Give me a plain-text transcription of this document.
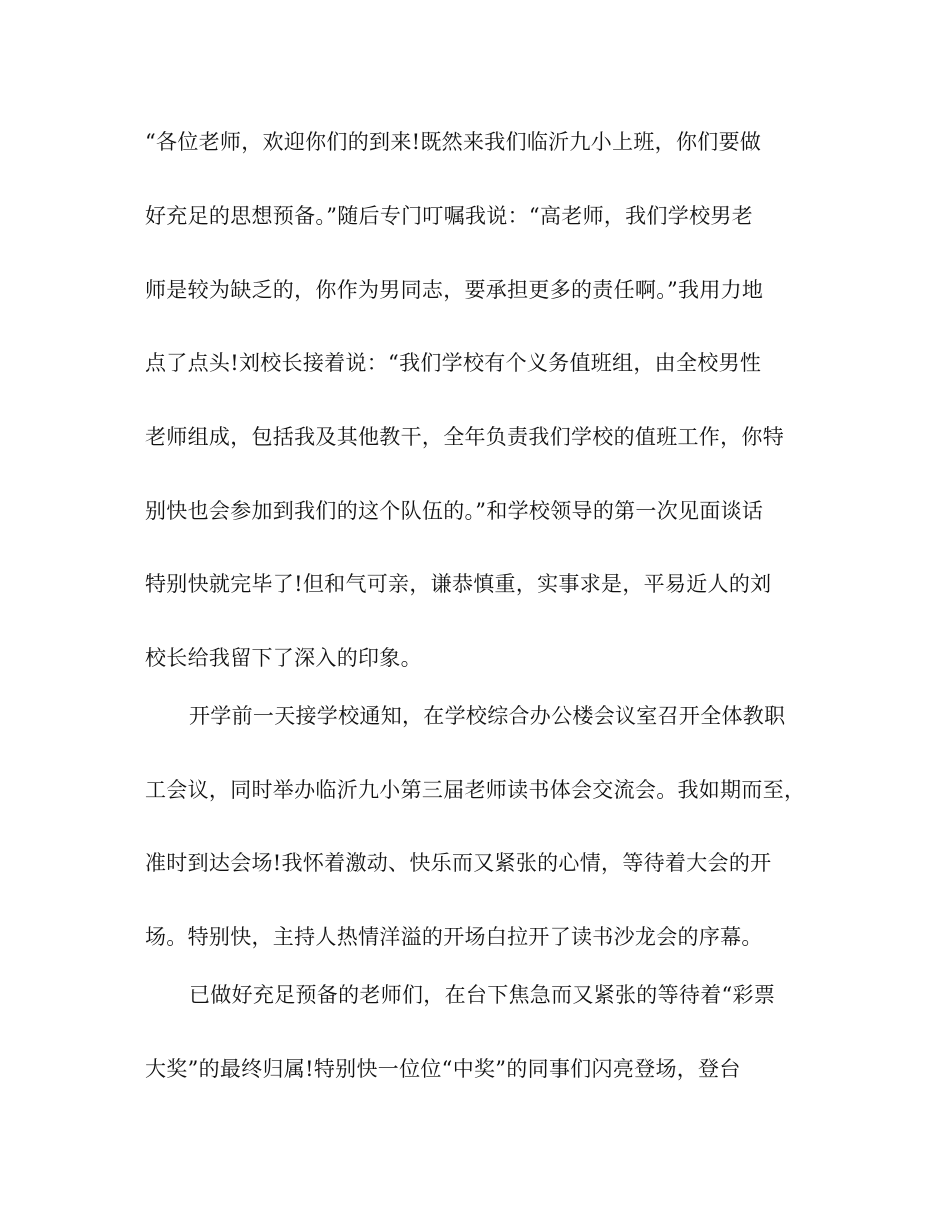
“各位老师，欢迎你们的到来!既然来我们临沂九小上班，你们要做
好充足的思想预备。”随后专门叮嘱我说：“高老师，我们学校男老
师是较为缺乏的，你作为男同志，要承担更多的责任啊。”我用力地
点了点头!刘校长接着说：“我们学校有个义务值班组，由全校男性
老师组成，包括我及其他教干，全年负责我们学校的值班工作，你特
别快也会参加到我们的这个队伍的。”和学校领导的第一次见面谈话
特别快就完毕了!但和气可亲，谦恭慎重，实事求是，平易近人的刘
校长给我留下了深入的印象。
开学前一天接学校通知，在学校综合办公楼会议室召开全体教职
工会议，同时举办临沂九小第三届老师读书体会交流会。我如期而至，
准时到达会场!我怀着激动、快乐而又紧张的心情，等待着大会的开
场。特别快，主持人热情洋溢的开场白拉开了读书沙龙会的序幕。
已做好充足预备的老师们，在台下焦急而又紧张的等待着“彩票
大奖”的最终归属!特别快一位位“中奖”的同事们闪亮登场，登台
